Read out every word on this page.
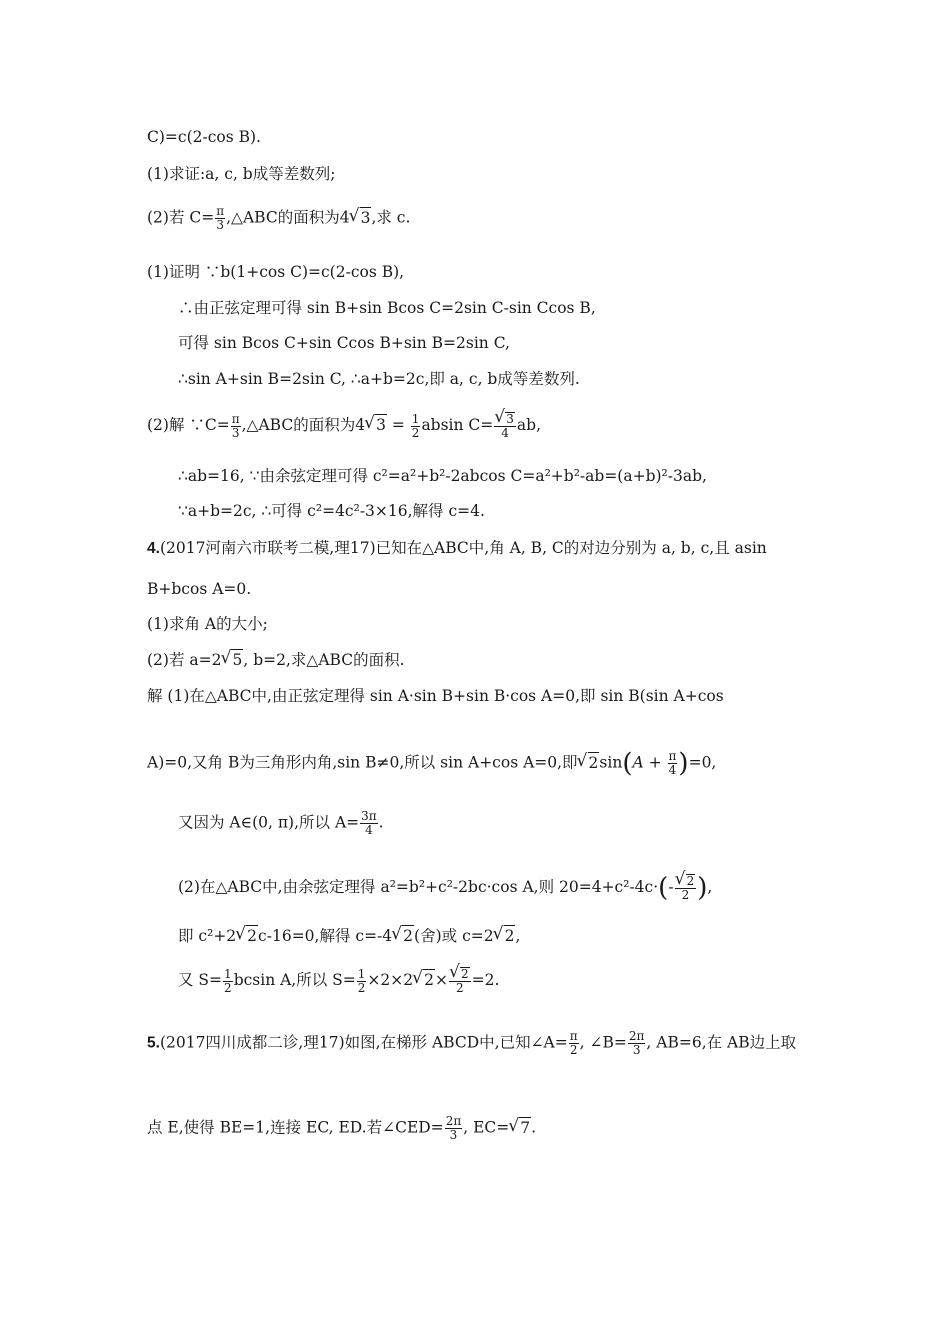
C)=c(2-cos B).
(1)求证:a, c, b成等差数列;
(2)若 $C= \frac{\pi}{3}$ ,△ABC的面积为4√ 3,求 c.
(1)证明 ∵b(1+cos C)=c(2-cos B),
∴由正弦定理可得 sin B+sin Bcos C=2sin C-sin Ccos B,
可得 sin Bcos C+sin Ccos B+sin B=2sin C,
∴sin A+sin B=2sin C, ∴a+b=2c,即 a, c, b成等差数列.
(2)解 ∵C= $\frac{\pi}{3}$ ,△ABC的面积为4√ $3 = \frac{1}{2}$ absin C=
√ $\frac{3}{4}$ ab,
∴ab=16, ∵由余弦定理可得 c²=a²+b²-2abcos C=a²+b²-ab=(a+b)²-3ab,
∵a+b=2c, ∴可得 c²=4c²-3×16,解得 c=4.
4.(2017河南六市联考二模,理17)已知在△ABC中,角 A, B, C的对边分别为 a, b, c,且 asin
B+bcos A=0.
(1)求角 A的大小;
(2)若 a=2√ 5, b=2,求△ABC的面积.
解 (1)在△ABC中,由正弦定理得 sin A·sin B+sin B·cos A=0,即 sin B(sin A+cos
A)=0,又角 B为三角形内角,sin B≠0,所以 sin A+cos A=0,即√ $2\sin(A + \frac{\pi}{4} )=0$,
又因为 A∈(0, π),所以 $A= \frac{3\pi}{4}$ .
(2)在△ABC中,由余弦定理得 a²=b²+c²-2bc·cos A,则 20=4+c²-4c·(-
√ $\frac{2}{2}$ ),
即 c²+2√ 2c-16=0,解得 c=-4√ 2(舍)或 c=2√ 2,
又 $S= \frac{1}{2}$ bcsin A,所以 $S= \frac{1}{2} \times 2\times 2√$ 2×
√ $\frac{2}{2} =2$.
5.(2017四川成都二诊,理17)如图,在梯形 ABCD中,已知∠A= $\frac{\pi}{2}$ , ∠B= $\frac{2\pi}{3}$ , AB=6,在 AB边上取
点 E,使得 BE=1,连接 EC, ED.若∠CED= $\frac{2\pi}{3}$ , EC=√ 7.
